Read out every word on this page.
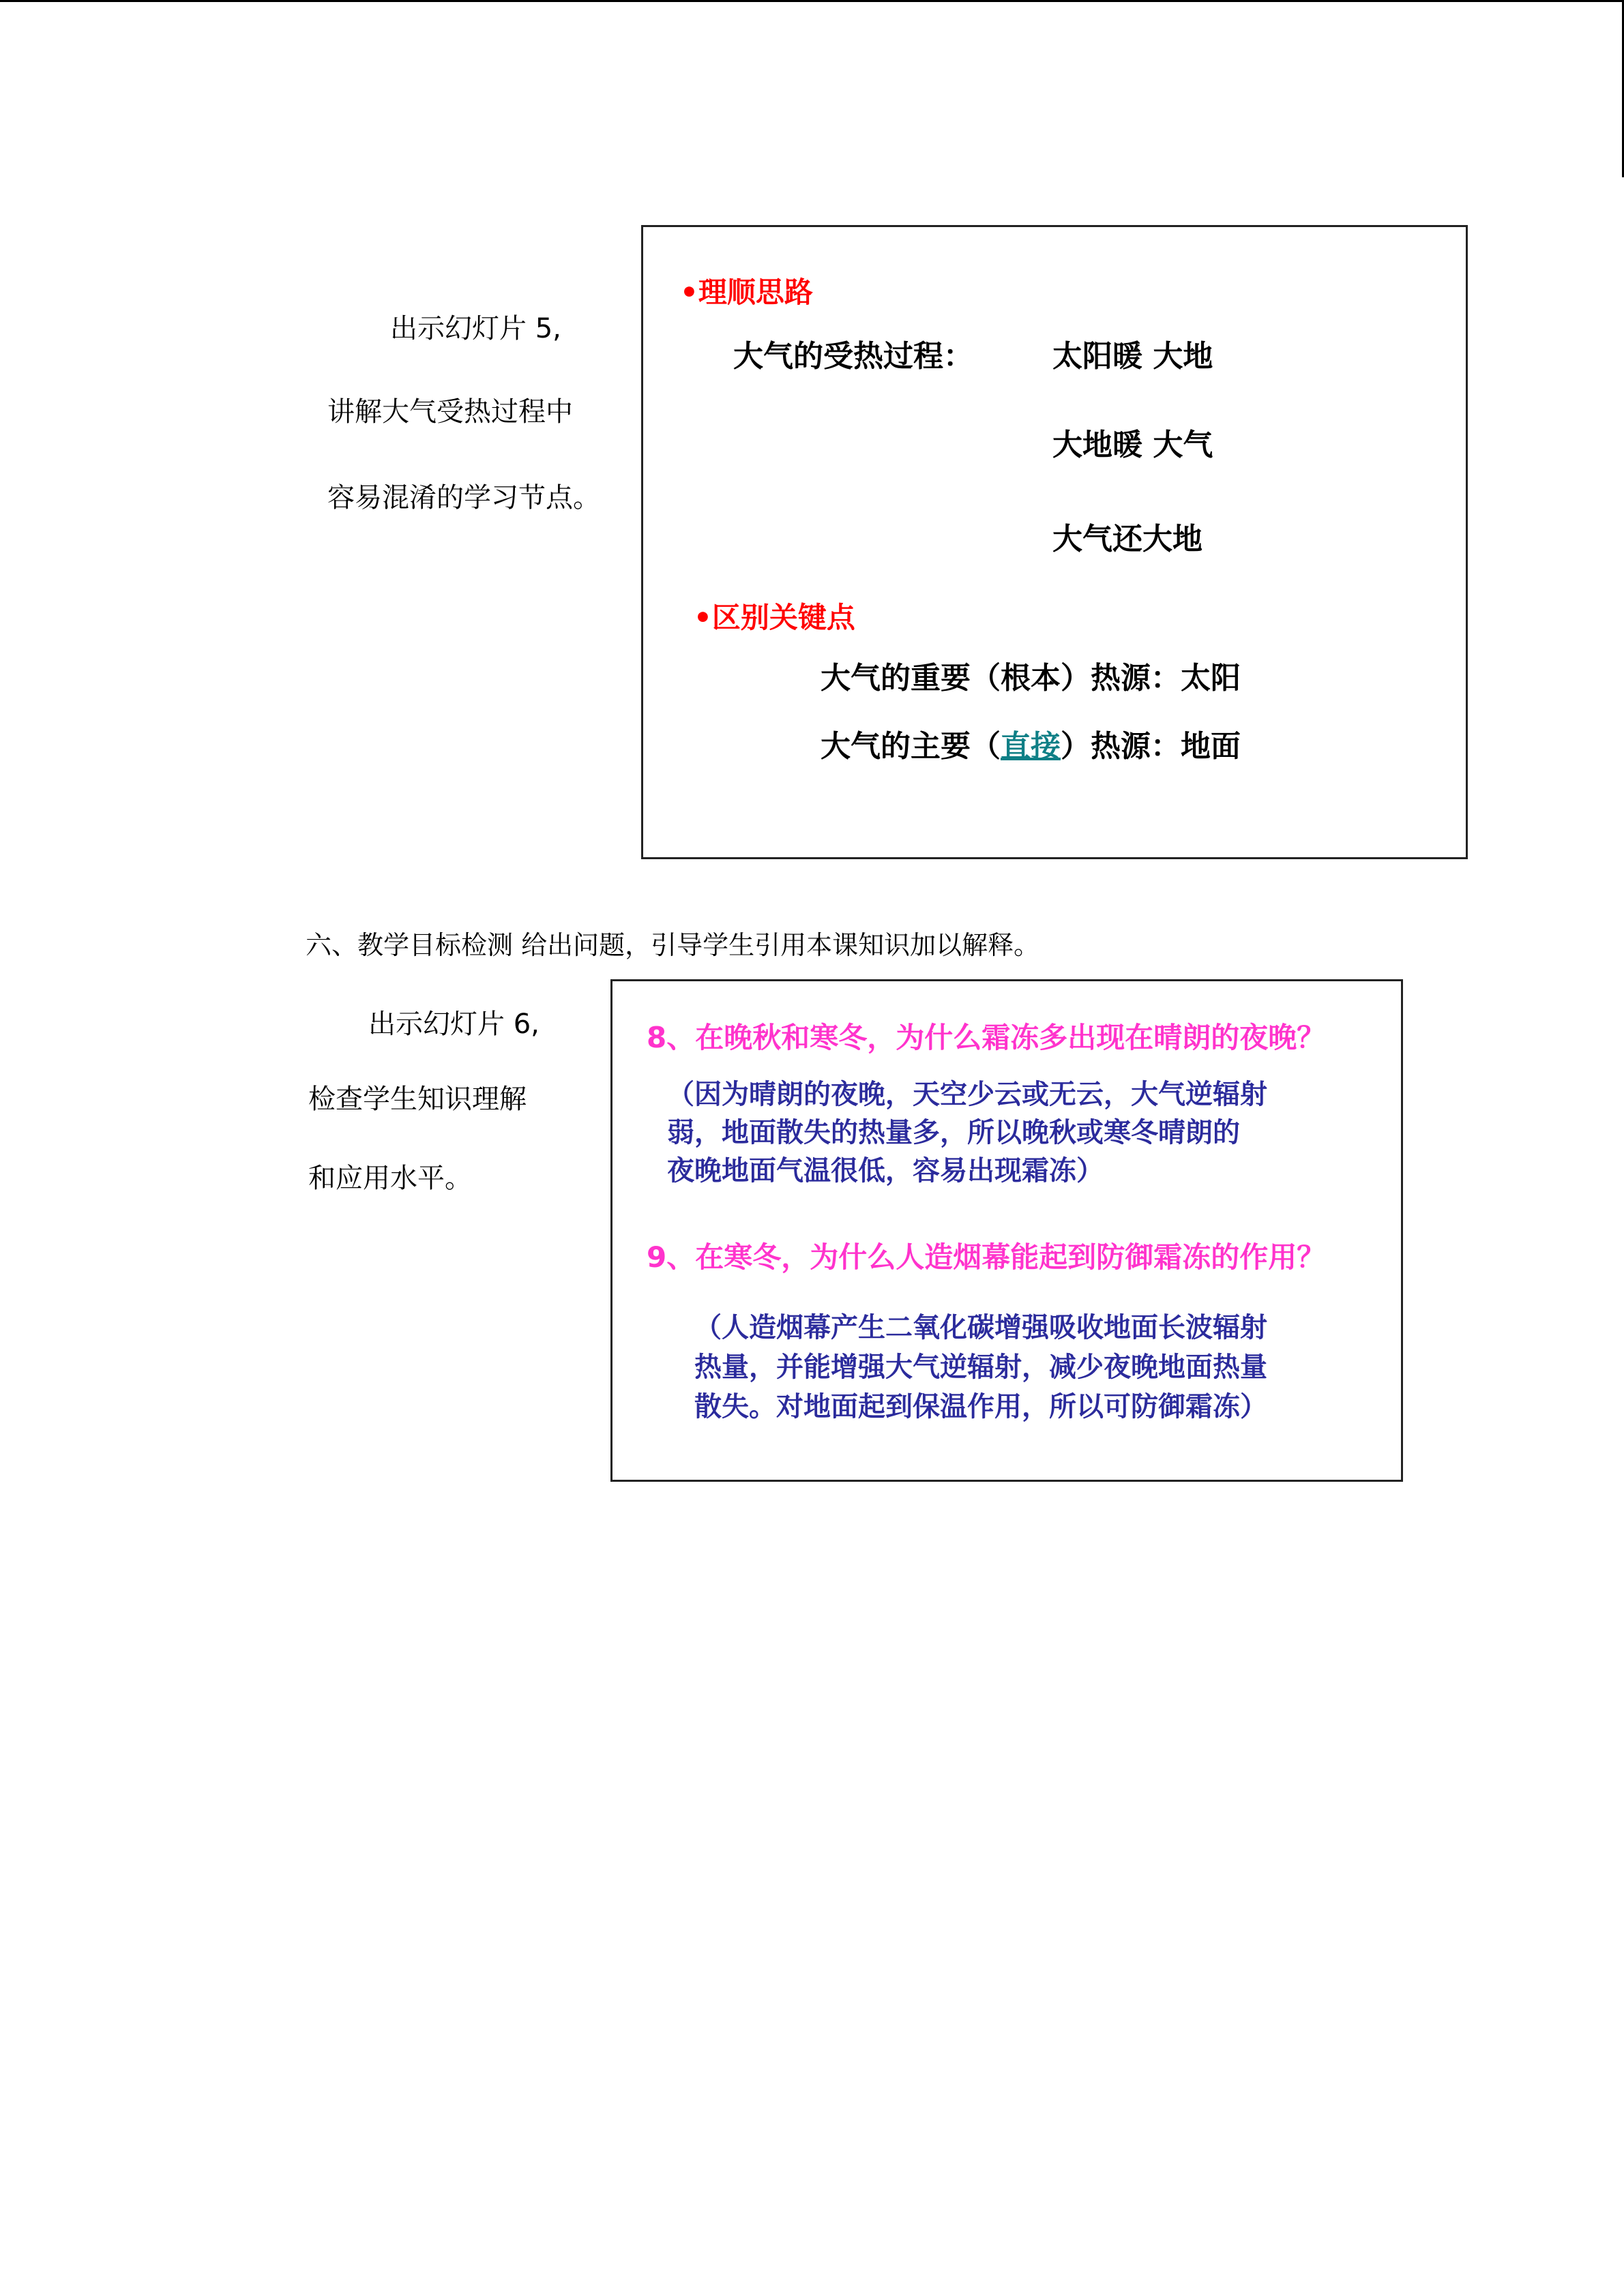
出示幻灯片 5,
讲解大气受热过程中
容易混淆的学习节点。
•理顺思路
大气的受热过程：	太阳暖 大地
大地暖 大气
大气还大地
•区别关键点
大气的重要（根本）热源：太阳
大气的主要（直接）热源：地面
六、教学目标检测 给出问题，引导学生引用本课知识加以解释。
出示幻灯片 6,
检查学生知识理解
和应用水平。
8、在晚秋和寒冬，为什么霜冻多出现在晴朗的夜晚？
（因为晴朗的夜晚，天空少云或无云，大气逆辐射
弱，地面散失的热量多，所以晚秋或寒冬晴朗的
夜晚地面气温很低，容易出现霜冻）
9、在寒冬，为什么人造烟幕能起到防御霜冻的作用？
（人造烟幕产生二氧化碳增强吸收地面长波辐射
热量，并能增强大气逆辐射，减少夜晚地面热量
散失。对地面起到保温作用，所以可防御霜冻）
